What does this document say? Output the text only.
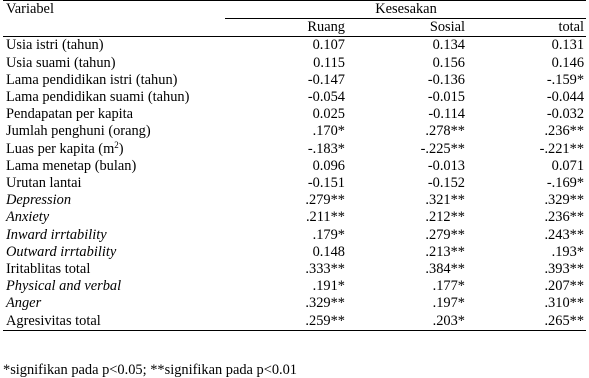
Variabel	Kesesakan		
	Ruang	Sosial	total
Usia istri (tahun)	0.107	0.134	0.131
Usia suami (tahun)	0.115	0.156	0.146
Lama pendidikan istri (tahun)	-0.147	-0.136	-.159*
Lama pendidikan suami (tahun)	-0.054	-0.015	-0.044
Pendapatan per kapita	0.025	-0.114	-0.032
Jumlah penghuni (orang)	.170*	.278**	.236**
Luas per kapita $(m^2)$	-.183*	-.225**	-.221**
Lama menetap (bulan)	0.096	-0.013	0.071
Urutan lantai	-0.151	-0.152	-.169*
Depression	.279**	.321**	.329**
Anxiety	.211**	.212**	.236**
Inward irrtability	.179*	.279**	.243**
Outward irrtability	0.148	.213**	.193*
Iritablitas total	.333**	.384**	.393**
Physical and verbal	.191*	.177*	.207**
Anger	.329**	.197*	.310**
Agresivitas total	.259**	.203*	.265**
*signifikan pada p<0.05; **signifikan pada p<0.01
